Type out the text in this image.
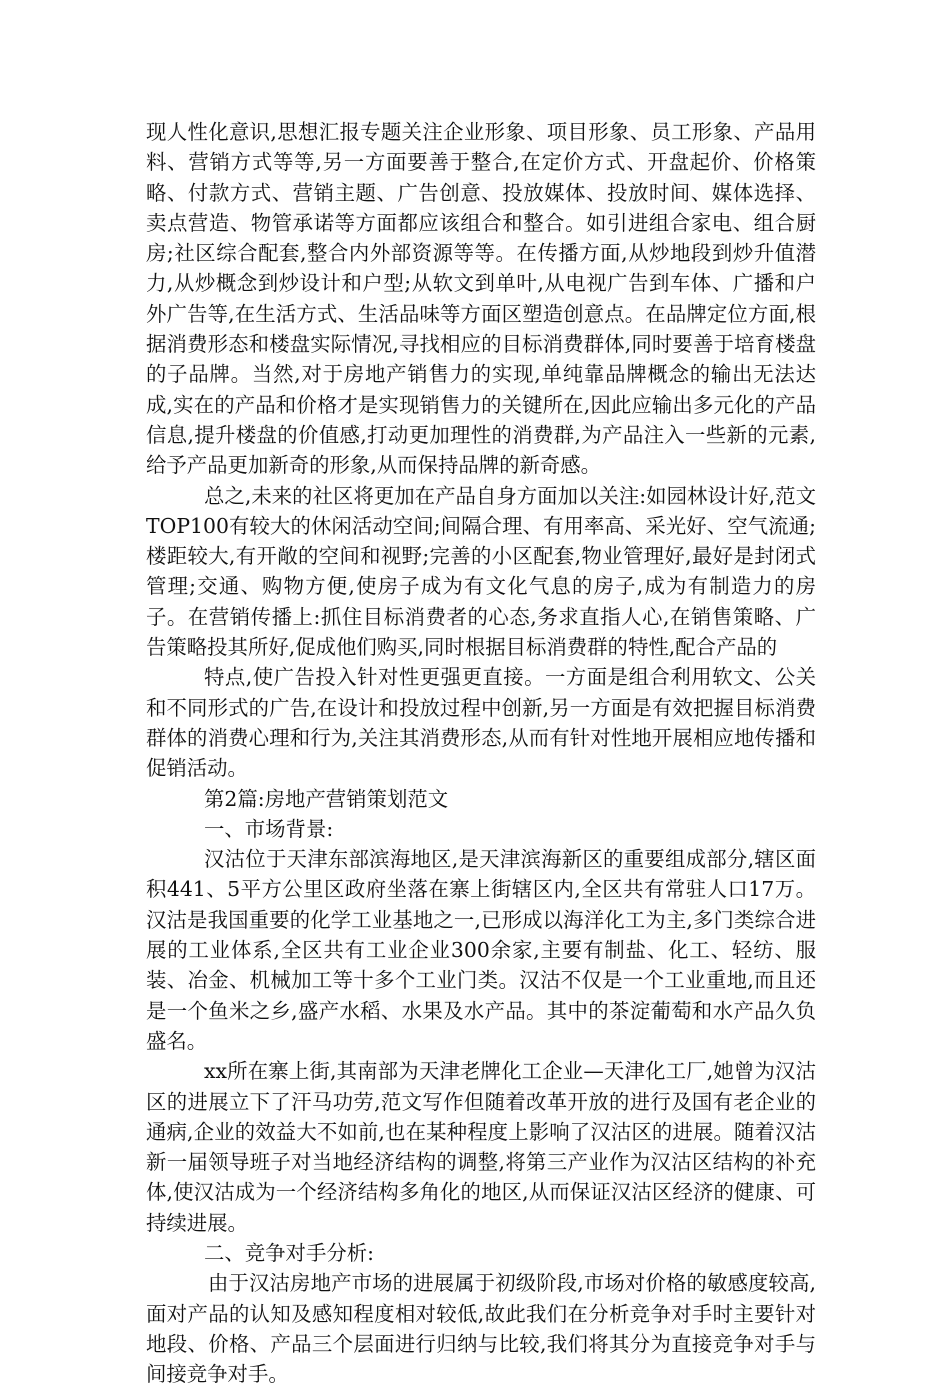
现人性化意识,思想汇报专题关注企业形象、项目形象、员工形象、产品用料、营销方式等等,另一方面要善于整合,在定价方式、开盘起价、价格策略、付款方式、营销主题、广告创意、投放媒体、投放时间、媒体选择、卖点营造、物管承诺等方面都应该组合和整合。如引进组合家电、组合厨房;社区综合配套,整合内外部资源等等。在传播方面,从炒地段到炒升值潜力,从炒概念到炒设计和户型;从软文到单叶,从电视广告到车体、广播和户外广告等,在生活方式、生活品味等方面区塑造创意点。在品牌定位方面,根据消费形态和楼盘实际情况,寻找相应的目标消费群体,同时要善于培育楼盘的子品牌。当然,对于房地产销售力的实现,单纯靠品牌概念的输出无法达成,实在的产品和价格才是实现销售力的关键所在,因此应输出多元化的产品信息,提升楼盘的价值感,打动更加理性的消费群,为产品注入一些新的元素,给予产品更加新奇的形象,从而保持品牌的新奇感。

总之,未来的社区将更加在产品自身方面加以关注:如园林设计好,范文TOP100有较大的休闲活动空间;间隔合理、有用率高、采光好、空气流通;楼距较大,有开敞的空间和视野;完善的小区配套,物业管理好,最好是封闭式管理;交通、购物方便,使房子成为有文化气息的房子,成为有制造力的房子。在营销传播上:抓住目标消费者的心态,务求直指人心,在销售策略、广告策略投其所好,促成他们购买,同时根据目标消费群的特性,配合产品的

特点,使广告投入针对性更强更直接。一方面是组合利用软文、公关和不同形式的广告,在设计和投放过程中创新,另一方面是有效把握目标消费群体的消费心理和行为,关注其消费形态,从而有针对性地开展相应地传播和促销活动。

第2篇:房地产营销策划范文

一、市场背景:

汉沽位于天津东部滨海地区,是天津滨海新区的重要组成部分,辖区面积441、5平方公里区政府坐落在寨上街辖区内,全区共有常驻人口17万。汉沽是我国重要的化学工业基地之一,已形成以海洋化工为主,多门类综合进展的工业体系,全区共有工业企业300余家,主要有制盐、化工、轻纺、服装、冶金、机械加工等十多个工业门类。汉沽不仅是一个工业重地,而且还是一个鱼米之乡,盛产水稻、水果及水产品。其中的茶淀葡萄和水产品久负盛名。

xx所在寨上街,其南部为天津老牌化工企业—天津化工厂,她曾为汉沽区的进展立下了汗马功劳,范文写作但随着改革开放的进行及国有老企业的通病,企业的效益大不如前,也在某种程度上影响了汉沽区的进展。随着汉沽新一届领导班子对当地经济结构的调整,将第三产业作为汉沽区结构的补充体,使汉沽成为一个经济结构多角化的地区,从而保证汉沽区经济的健康、可持续进展。

二、竞争对手分析:

由于汉沽房地产市场的进展属于初级阶段,市场对价格的敏感度较高,面对产品的认知及感知程度相对较低,故此我们在分析竞争对手时主要针对地段、价格、产品三个层面进行归纳与比较,我们将其分为直接竞争对手与间接竞争对手。
